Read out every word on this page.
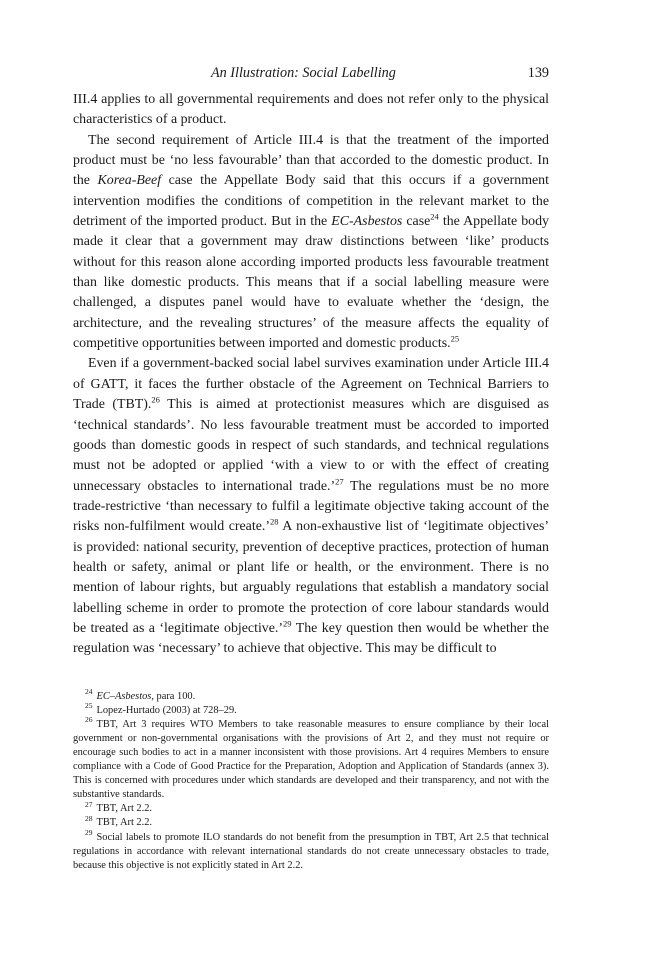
An Illustration: Social Labelling	139

III.4 applies to all governmental requirements and does not refer only to the physical characteristics of a product.

The second requirement of Article III.4 is that the treatment of the imported product must be ‘no less favourable’ than that accorded to the domestic product. In the Korea-Beef case the Appellate Body said that this occurs if a government intervention modifies the conditions of competition in the relevant market to the detriment of the imported product. But in the EC-Asbestos case$^{24}$ the Appellate body made it clear that a government may draw distinctions between ‘like’ products without for this reason alone according imported products less favourable treatment than like domestic products. This means that if a social labelling measure were challenged, a disputes panel would have to evaluate whether the ‘design, the architecture, and the revealing structures’ of the measure affects the equality of competitive opportunities between imported and domestic products.$^{25}$

Even if a government-backed social label survives examination under Article III.4 of GATT, it faces the further obstacle of the Agreement on Technical Barriers to Trade (TBT).$^{26}$ This is aimed at protectionist measures which are disguised as ‘technical standards’. No less favourable treatment must be accorded to imported goods than domestic goods in respect of such standards, and technical regulations must not be adopted or applied ‘with a view to or with the effect of creating unnecessary obstacles to international trade.’$^{27}$ The regulations must be no more trade-restrictive ‘than necessary to fulfil a legitimate objective taking account of the risks non-fulfilment would create.’$^{28}$ A non-exhaustive list of ‘legitimate objectives’ is provided: national security, prevention of deceptive practices, protection of human health or safety, animal or plant life or health, or the environment. There is no mention of labour rights, but arguably regulations that establish a mandatory social labelling scheme in order to promote the protection of core labour standards would be treated as a ‘legitimate objective.’$^{29}$ The key question then would be whether the regulation was ‘necessary’ to achieve that objective. This may be difficult to

$^{24}$ EC–Asbestos, para 100.

$^{25}$ Lopez-Hurtado (2003) at 728–29.

$^{26}$ TBT, Art 3 requires WTO Members to take reasonable measures to ensure compliance by their local government or non-governmental organisations with the provisions of Art 2, and they must not require or encourage such bodies to act in a manner inconsistent with those provisions. Art 4 requires Members to ensure compliance with a Code of Good Practice for the Preparation, Adoption and Application of Standards (annex 3). This is concerned with procedures under which standards are developed and their transparency, and not with the substantive standards.

$^{27}$ TBT, Art 2.2.

$^{28}$ TBT, Art 2.2.

$^{29}$ Social labels to promote ILO standards do not benefit from the presumption in TBT, Art 2.5 that technical regulations in accordance with relevant international standards do not create unnecessary obstacles to trade, because this objective is not explicitly stated in Art 2.2.
